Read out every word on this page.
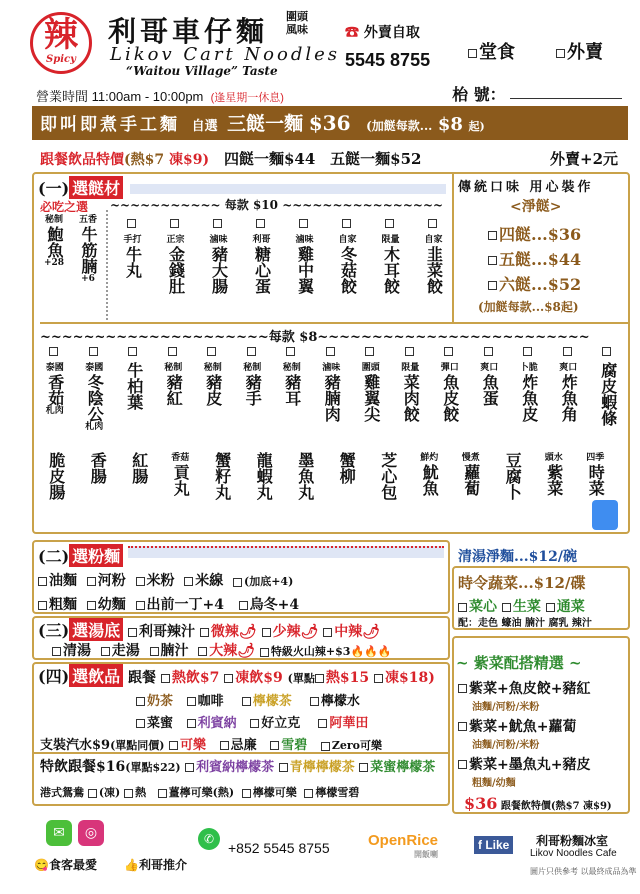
辣
Spicy
利哥車仔麵 圍頭風味
Likov Cart Noodles
“Waitou Village” Taste
☎ 外賣自取
5545 8755	堂食	外賣
營業時間 11:00am - 10:00pm (逢星期一休息)	枱 號：
即叫即煮手工麵 自選 三餸一麵 $36 (加餸每款... $8 起)
跟餐飲品特價(熱$7 凍$9) 四餸一麵$44 五餸一麵$52	外賣+2元
(一) 選餸材
必吃之選 ~~~~~~~~~~~ 每款 $10 ~~~~~~~~~~~~~~~~
秘制
鮑魚
+28
五香
牛筋腩
+6

手打
牛丸

正宗
金錢肚

滷味
豬大腸

利哥
糖心蛋

滷味
雞中翼

自家
冬菇餃

限量
木耳餃

自家
韭菜餃
~~~~~~~~~~~~~~~~~~~~~每款 $8~~~~~~~~~~~~~~~~~~~~~~~~~

泰國
香茹
札肉

泰國
冬陰公
札肉

牛柏葉	秘制
豬紅

秘制
豬皮

秘制
豬手

秘制
豬耳

滷味
豬腩肉

圍頭
雞翼尖

限量
菜肉餃

彈口
魚皮餃

爽口
魚蛋

卜脆
炸魚皮

爽口
炸魚角 腐皮蝦條
脆皮腸 香腸 紅腸	香菇
貢丸 蟹籽丸 龍蝦丸 墨魚丸 蟹柳 芝心包	鮮灼
魷魚
慢煮
蘿蔔 豆腐卜	頭水
紫菜
四季
時菜
傳統口味 用心裝作
<淨餸>
四餸...$36
五餸...$44
六餸...$52
(加餸每款...$8起)
(二) 選粉麵
油麵 河粉 米粉 米線 (加底+4)
粗麵 幼麵 出前一丁+4 烏冬+4
清湯淨麵...$12/碗
時令蔬菜...$12/碟
菜心 生菜 通菜
配：走色 蠔油 腩汁 腐乳 辣汁
(三) 選湯底 利哥辣汁 微辣🌶 少辣🌶 中辣🌶
清湯 走湯 腩汁 大辣🌶 特級火山辣+$3🔥🔥🔥
(四) 選飲品 跟餐 熱飲$7 凍飲$9 (單點 熱$15 凍$18)
奶茶 咖啡 檸檬茶 檸檬水
菜蜜 利賓納 好立克 阿華田
支裝汽水$9(單點同價) 可樂 忌廉 雪碧 Zero可樂
特飲跟餐$16(單點$22) 利賓納檸檬茶 青檸檸檬茶 菜蜜檸檬茶
港式鴛鴦 (凍) 熱 薑檸可樂(熱) 檸檬可樂 檸檬雪碧
~ 紫菜配搭精選 ~
紫菜+魚皮餃+豬紅
油麵/河粉/米粉
紫菜+魷魚+蘿蔔
油麵/河粉/米粉
紫菜+墨魚丸+豬皮
粗麵/幼麵
$36 跟餐飲特價(熱$7 凍$9)
✉	◎	✆
+852 5545 8755
😋食客最愛 👍利哥推介
OpenRice
開飯喇
f Like	利哥粉麵冰室
Likov Noodles Cafe
圖片只供參考 以最終成品為準
